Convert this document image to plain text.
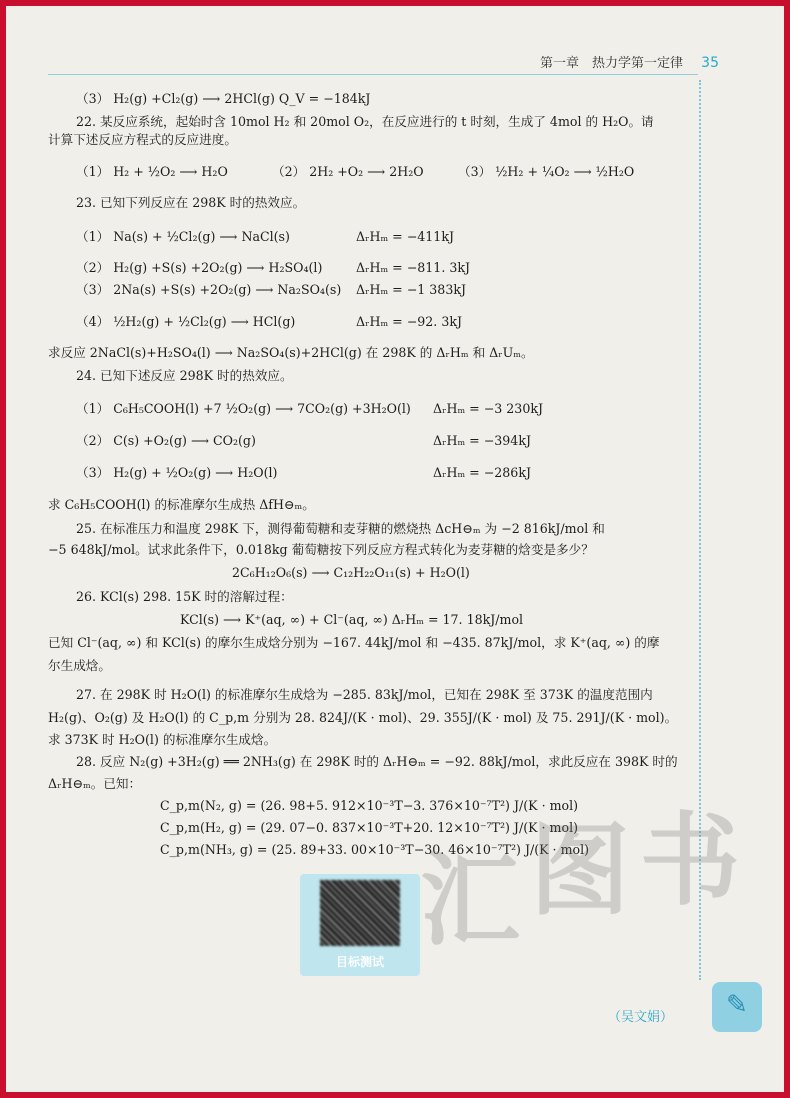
第一章　热力学第一定律 35

（3） H₂(g) +Cl₂(g) ⟶ 2HCl(g) Q_V = −184kJ

22. 某反应系统，起始时含 10mol H₂ 和 20mol O₂，在反应进行的 t 时刻，生成了 4mol 的 H₂O。请

计算下述反应方程式的反应进度。

（1） H₂ + ½O₂ ⟶ H₂O	（2） 2H₂ +O₂ ⟶ 2H₂O	（3） ½H₂ + ¼O₂ ⟶ ½H₂O

23. 已知下列反应在 298K 时的热效应。

（1） Na(s) + ½Cl₂(g) ⟶ NaCl(s)	ΔᵣHₘ = −411kJ

（2） H₂(g) +S(s) +2O₂(g) ⟶ H₂SO₄(l)	ΔᵣHₘ = −811. 3kJ

（3） 2Na(s) +S(s) +2O₂(g) ⟶ Na₂SO₄(s) ΔᵣHₘ = −1 383kJ

（4） ½H₂(g) + ½Cl₂(g) ⟶ HCl(g)	ΔᵣHₘ = −92. 3kJ

求反应 2NaCl(s)+H₂SO₄(l) ⟶ Na₂SO₄(s)+2HCl(g) 在 298K 的 ΔᵣHₘ 和 ΔᵣUₘ。

24. 已知下述反应 298K 时的热效应。

（1） C₆H₅COOH(l) +7 ½O₂(g) ⟶ 7CO₂(g) +3H₂O(l) ΔᵣHₘ = −3 230kJ

（2） C(s) +O₂(g) ⟶ CO₂(g)	ΔᵣHₘ = −394kJ

（3） H₂(g) + ½O₂(g) ⟶ H₂O(l)	ΔᵣHₘ = −286kJ

求 C₆H₅COOH(l) 的标准摩尔生成热 ΔfH⊖ₘ。

25. 在标准压力和温度 298K 下，测得葡萄糖和麦芽糖的燃烧热 ΔcH⊖ₘ 为 −2 816kJ/mol 和

−5 648kJ/mol。试求此条件下，0.018kg 葡萄糖按下列反应方程式转化为麦芽糖的焓变是多少？

2C₆H₁₂O₆(s) ⟶ C₁₂H₂₂O₁₁(s) + H₂O(l)

26. KCl(s) 298. 15K 时的溶解过程：

KCl(s) ⟶ K⁺(aq, ∞) + Cl⁻(aq, ∞) ΔᵣHₘ = 17. 18kJ/mol

已知 Cl⁻(aq, ∞) 和 KCl(s) 的摩尔生成焓分别为 −167. 44kJ/mol 和 −435. 87kJ/mol，求 K⁺(aq, ∞) 的摩

尔生成焓。

27. 在 298K 时 H₂O(l) 的标准摩尔生成焓为 −285. 83kJ/mol，已知在 298K 至 373K 的温度范围内

H₂(g)、O₂(g) 及 H₂O(l) 的 C_p,m 分别为 28. 824J/(K · mol)、29. 355J/(K · mol) 及 75. 291J/(K · mol)。

求 373K 时 H₂O(l) 的标准摩尔生成焓。

28. 反应 N₂(g) +3H₂(g) ══ 2NH₃(g) 在 298K 时的 ΔᵣH⊖ₘ = −92. 88kJ/mol，求此反应在 398K 时的

ΔᵣH⊖ₘ。已知：

C_p,m(N₂, g) = (26. 98+5. 912×10⁻³T−3. 376×10⁻⁷T²) J/(K · mol)

C_p,m(H₂, g) = (29. 07−0. 837×10⁻³T+20. 12×10⁻⁷T²) J/(K · mol)

C_p,m(NH₃, g) = (25. 89+33. 00×10⁻³T−30. 46×10⁻⁷T²) J/(K · mol) 书
图
汇
目标测试
（吴文娟）
✎
